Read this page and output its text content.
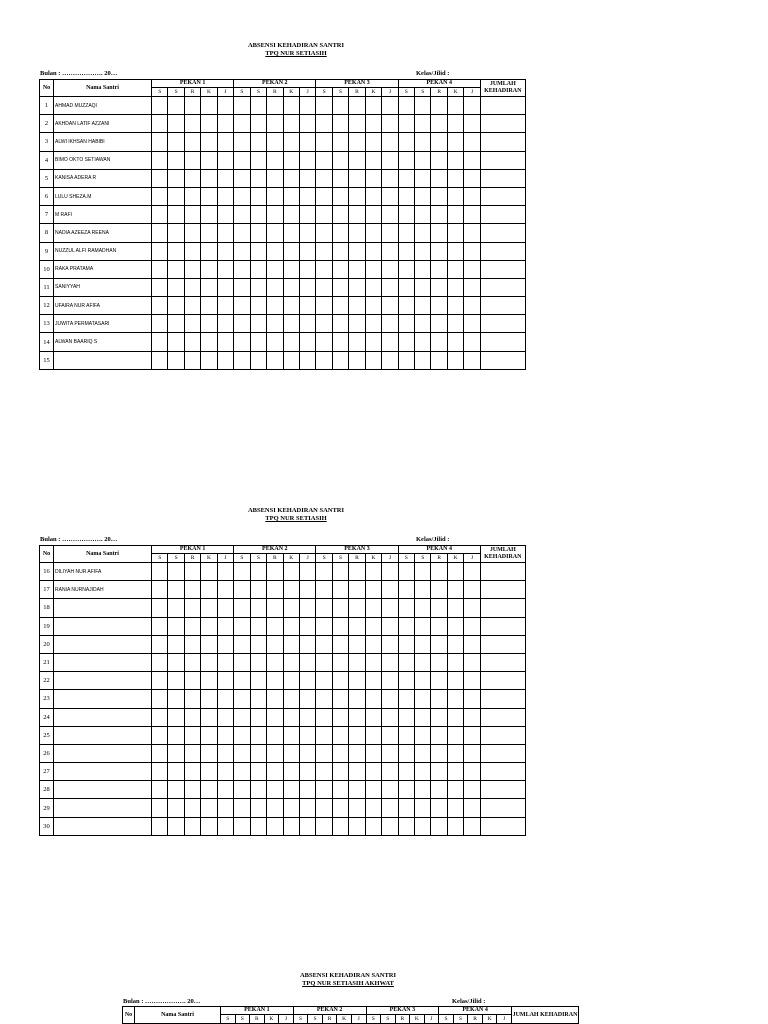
ABSENSI KEHADIRAN SANTRI
TPQ NUR SETIASIH
Bulan : ………………. 20…	Kelas/Jilid :
No	Nama Santri	PEKAN 1					PEKAN 2					PEKAN 3					PEKAN 4					JUMLAH KEHADIRAN
		S	S	R	K	J	S	S	R	K	J	S	S	R	K	J	S	S	R	K	J	
1	AHMAD MUZZAQI																					
2	AKHDAN LATIF AZZANI																					
3	ALWI IKHSAN HABIBI																					
4	BIMO OKTO SETIAWAN																					
5	KANISA ADERA R																					
6	LULU SHEZA.M																					
7	M RAFI																					
8	NADIA AZEEZA REENA																					
9	NUZZUL ALFI RAMADHAN																					
10	RAKA PRATAMA																					
11	SANIYYAH																					
12	UFAIRA NUR AFIFA																					
13	JUWITA PERMATASARI																					
14	ALWAN BAARIQ S																					
15																						
ABSENSI KEHADIRAN SANTRI
TPQ NUR SETIASIH
Bulan : ………………. 20…	Kelas/Jilid :
No	Nama Santri	PEKAN 1					PEKAN 2					PEKAN 3					PEKAN 4					JUMLAH KEHADIRAN
		S	S	R	K	J	S	S	R	K	J	S	S	R	K	J	S	S	R	K	J	
16	DILIYAH NUR AFIFA																					
17	RANIA NURNAJIDAH																					
18																						
19																						
20																						
21																						
22																						
23																						
24																						
25																						
26																						
27																						
28																						
29																						
30																						
ABSENSI KEHADIRAN SANTRI
TPQ NUR SETIASIH AKHWAT
Bulan : ………………. 20…	Kelas/Jilid :
No	Nama Santri	PEKAN 1					PEKAN 2					PEKAN 3					PEKAN 4					JUMLAH KEHADIRAN
		S	S	R	K	J	S	S	R	K	J	S	S	R	K	J	S	S	R	K	J	
